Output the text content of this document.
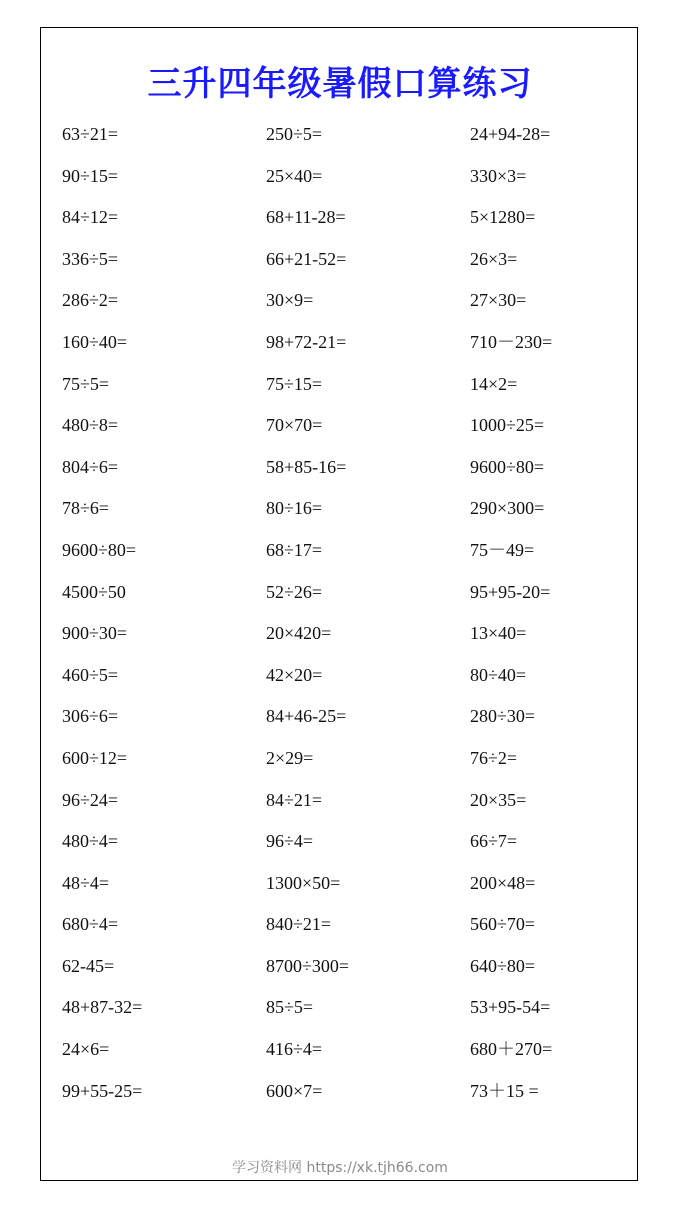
三升四年级暑假口算练习
63÷21=	250÷5=	24+94-28=
90÷15=	25×40=	330×3=
84÷12=	68+11-28=	5×1280=
336÷5=	66+21-52=	26×3=
286÷2=	30×9=	27×30=
160÷40=	98+72-21=	710－230=
75÷5=	75÷15=	14×2=
480÷8=	70×70=	1000÷25=
804÷6=	58+85-16=	9600÷80=
78÷6=	80÷16=	290×300=
9600÷80=	68÷17=	75－49=
4500÷50	52÷26=	95+95-20=
900÷30=	20×420=	13×40=
460÷5=	42×20=	80÷40=
306÷6=	84+46-25=	280÷30=
600÷12=	2×29=	76÷2=
96÷24=	84÷21=	20×35=
480÷4=	96÷4=	66÷7=
48÷4=	1300×50=	200×48=
680÷4=	840÷21=	560÷70=
62-45=	8700÷300=	640÷80=
48+87-32=	85÷5=	53+95-54=
24×6=	416÷4=	680＋270=
99+55-25=	600×7=	73＋15 =
学习资料网 https://xk.tjh66.com
